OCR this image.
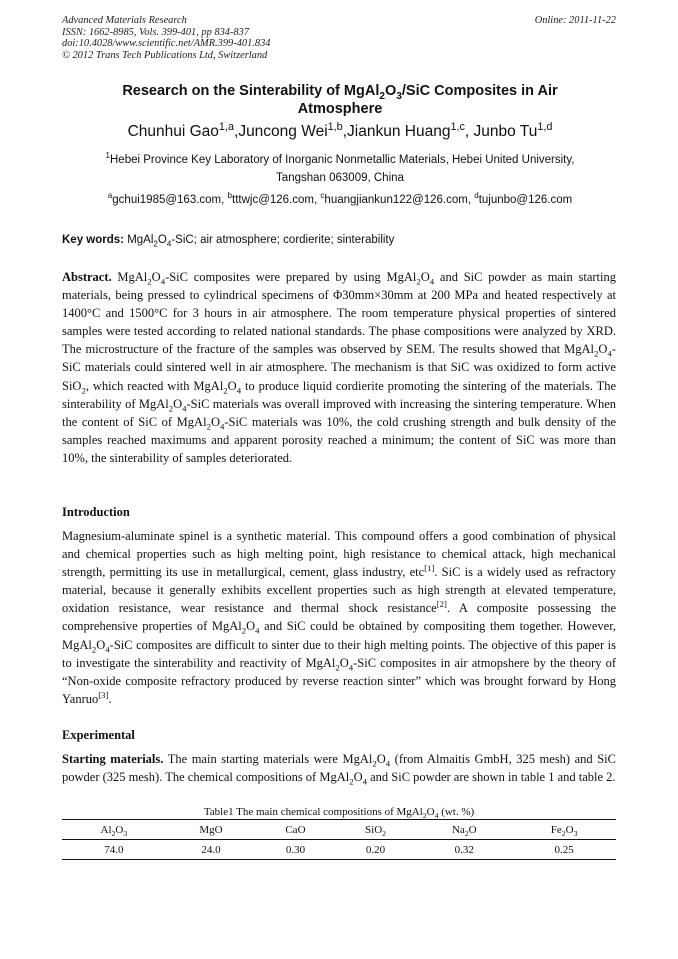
Advanced Materials Research
ISSN: 1662-8985, Vols. 399-401, pp 834-837
doi:10.4028/www.scientific.net/AMR.399-401.834
© 2012 Trans Tech Publications Ltd, Switzerland
Online: 2011-11-22
Research on the Sinterability of $MgAl_2O_3$/SiC Composites in Air Atmosphere
Chunhui Gao$^{1,a}$,Juncong Wei$^{1,b}$,Jiankun Huang$^{1,c}$, Junbo Tu$^{1,d}$
$^1$Hebei Province Key Laboratory of Inorganic Nonmetallic Materials, Hebei United University,
Tangshan 063009, China
$^a$gchui1985@163.com, $^b$tttwjc@126.com, $^c$huangjiankun122@126.com, $^d$tujunbo@126.com
Key words: $MgAl_2O_4$-SiC; air atmosphere; cordierite; sinterability
Abstract. $MgAl_2O_4$-SiC composites were prepared by using $MgAl_2O_4$ and SiC powder as main starting materials, being pressed to cylindrical specimens of Φ30mm×30mm at 200 MPa and heated respectively at 1400°C and 1500°C for 3 hours in air atmosphere. The room temperature physical properties of sintered samples were tested according to related national standards. The phase compositions were analyzed by XRD. The microstructure of the fracture of the samples was observed by SEM. The results showed that $MgAl_2O_4$-SiC materials could sintered well in air atmosphere. The mechanism is that SiC was oxidized to form active SiO$_2$, which reacted with $MgAl_2O_4$ to produce liquid cordierite promoting the sintering of the materials. The sinterability of $MgAl_2O_4$-SiC materials was overall improved with increasing the sintering temperature. When the content of SiC of $MgAl_2O_4$-SiC materials was 10%, the cold crushing strength and bulk density of the samples reached maximums and apparent porosity reached a minimum; the content of SiC was more than 10%, the sinterability of samples deteriorated.
Introduction
Magnesium-aluminate spinel is a synthetic material. This compound offers a good combination of physical and chemical properties such as high melting point, high resistance to chemical attack, high mechanical strength, permitting its use in metallurgical, cement, glass industry, etc[1]. SiC is a widely used as refractory material, because it generally exhibits excellent properties such as high strength at elevated temperature, oxidation resistance, wear resistance and thermal shock resistance[2]. A composite possessing the comprehensive properties of $MgAl_2O_4$ and SiC could be obtained by compositing them together. However, $MgAl_2O_4$-SiC composites are difficult to sinter due to their high melting points. The objective of this paper is to investigate the sinterability and reactivity of $MgAl_2O_4$-SiC composites in air atmopshere by the theory of “Non-oxide composite refractory produced by reverse reaction sinter” which was brought forward by Hong Yanruo[3].
Experimental
Starting materials. The main starting materials were $MgAl_2O_4$ (from Almaitis GmbH, 325 mesh) and SiC powder (325 mesh). The chemical compositions of $MgAl_2O_4$ and SiC powder are shown in table 1 and table 2.
Table1 The main chemical compositions of $MgAl_2O_4$ (wt. %)
$Al_2O_3$	MgO	CaO	SiO$_2$	$Na_2O$	$Fe_2O_3$
74.0	24.0	0.30	0.20	0.32	0.25
